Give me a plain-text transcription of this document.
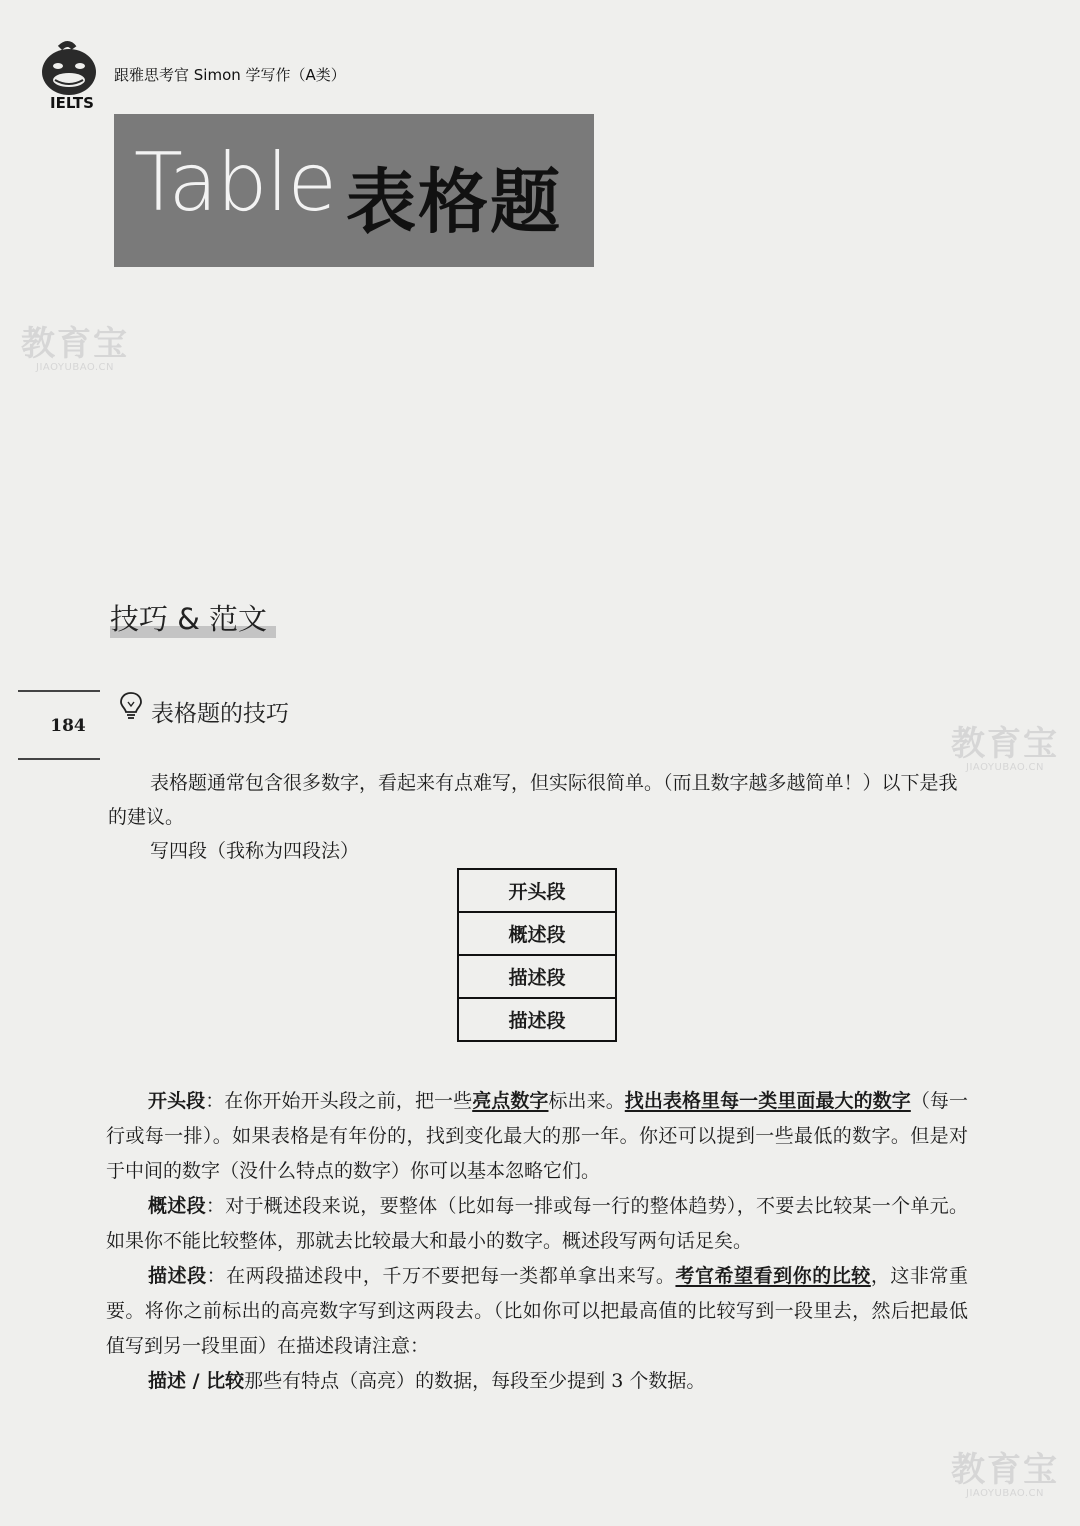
IELTS
跟雅思考官 Simon 学写作（A类）
Table 表格题
教育宝
JIAOYUBAO.CN
教育宝
JIAOYUBAO.CN
教育宝
JIAOYUBAO.CN
技巧 & 范文
184	表格题的技巧
表格题通常包含很多数字，看起来有点难写，但实际很简单。（而且数字越多越简单！）以下是我的建议。
写四段（我称为四段法）
开头段
概述段
描述段
描述段

开头段：在你开始开头段之前，把一些亮点数字标出来。找出表格里每一类里面最大的数字（每一行或每一排）。如果表格是有年份的，找到变化最大的那一年。你还可以提到一些最低的数字。但是对于中间的数字（没什么特点的数字）你可以基本忽略它们。

概述段：对于概述段来说，要整体（比如每一排或每一行的整体趋势），不要去比较某一个单元。如果你不能比较整体，那就去比较最大和最小的数字。概述段写两句话足矣。

描述段：在两段描述段中，千万不要把每一类都单拿出来写。考官希望看到你的比较，这非常重要。将你之前标出的高亮数字写到这两段去。（比如你可以把最高值的比较写到一段里去，然后把最低值写到另一段里面）在描述段请注意：

描述 / 比较那些有特点（高亮）的数据，每段至少提到 3 个数据。
